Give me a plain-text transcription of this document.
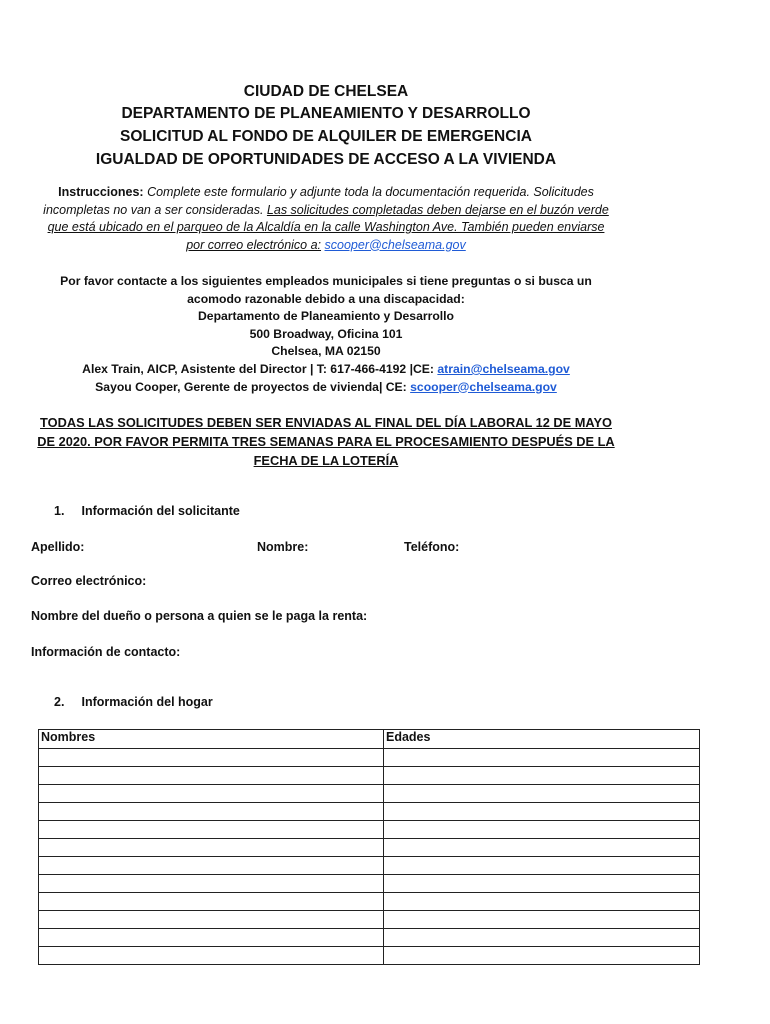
CIUDAD DE CHELSEA
DEPARTAMENTO DE PLANEAMIENTO Y DESARROLLO
SOLICITUD AL FONDO DE ALQUILER DE EMERGENCIA
IGUALDAD DE OPORTUNIDADES DE ACCESO A LA VIVIENDA
Instrucciones: Complete este formulario y adjunte toda la documentación requerida. Solicitudes incompletas no van a ser consideradas. Las solicitudes completadas deben dejarse en el buzón verde que está ubicado en el parqueo de la Alcaldía en la calle Washington Ave. También pueden enviarse por correo electrónico a: scooper@chelseama.gov
Por favor contacte a los siguientes empleados municipales si tiene preguntas o si busca un
acomodo razonable debido a una discapacidad:
Departamento de Planeamiento y Desarrollo
500 Broadway, Oficina 101
Chelsea, MA 02150
Alex Train, AICP, Asistente del Director | T: 617-466-4192 |CE: atrain@chelseama.gov
Sayou Cooper, Gerente de proyectos de vivienda| CE: scooper@chelseama.gov
TODAS LAS SOLICITUDES DEBEN SER ENVIADAS AL FINAL DEL DÍA LABORAL 12 DE MAYO DE 2020. POR FAVOR PERMITA TRES SEMANAS PARA EL PROCESAMIENTO DESPUÉS DE LA FECHA DE LA LOTERÍA
1. Información del solicitante
Apellido:	Nombre:	Teléfono:
Correo electrónico:
Nombre del dueño o persona a quien se le paga la renta:
Información de contacto:
2. Información del hogar
Nombres	Edades
